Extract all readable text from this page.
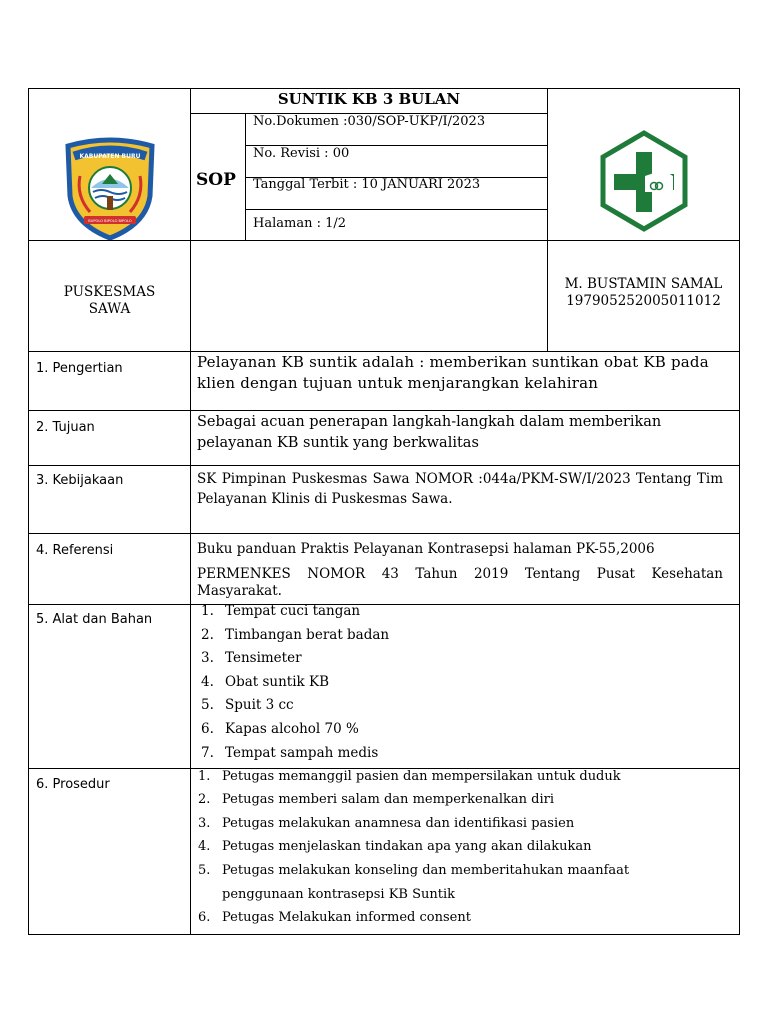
KABUPATEN BURU
BUPOLO BIPOLO BIPOLO
SUNTIK KB 3 BULAN
SOP
No.Dokumen :030/SOP-UKP/I/2023
No. Revisi : 00
Tanggal Terbit : 10 JANUARI 2023
Halaman : 1/2
PUSKESMAS
SAWA
M. BUSTAMIN SAMAL
197905252005011012
1. Pengertian
2. Tujuan
3. Kebijakaan
4. Referensi
5. Alat dan Bahan
6. Prosedur
Pelayanan KB suntik adalah : memberikan suntikan obat KB pada
klien dengan tujuan untuk menjarangkan kelahiran
Sebagai acuan penerapan langkah-langkah dalam memberikan
pelayanan KB suntik yang berkwalitas
SK Pimpinan Puskesmas Sawa NOMOR :044a/PKM-SW/I/2023 Tentang Tim Pelayanan Klinis di Puskesmas Sawa.
Buku panduan Praktis Pelayanan Kontrasepsi halaman PK-55,2006
PERMENKES NOMOR 43 Tahun 2019 Tentang Pusat Kesehatan Masyarakat.
1. Tempat cuci tangan
2. Timbangan berat badan
3. Tensimeter
4. Obat suntik KB
5. Spuit 3 cc
6. Kapas alcohol 70 %
7. Tempat sampah medis
1. Petugas memanggil pasien dan mempersilakan untuk duduk
2. Petugas memberi salam dan memperkenalkan diri
3. Petugas melakukan anamnesa dan identifikasi pasien
4. Petugas menjelaskan tindakan apa yang akan dilakukan
5. Petugas melakukan konseling dan memberitahukan maanfaat
penggunaan kontrasepsi KB Suntik
6. Petugas Melakukan informed consent
